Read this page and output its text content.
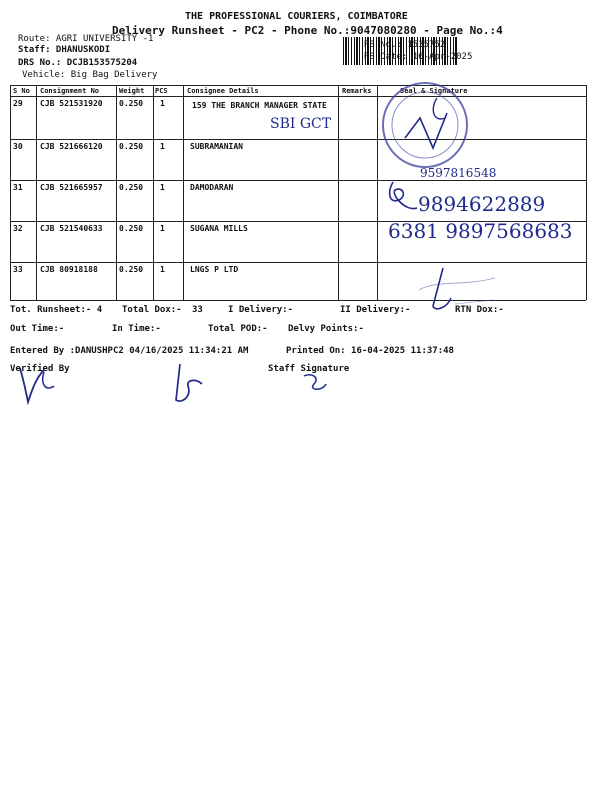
THE PROFESSIONAL COURIERS, COIMBATORE
Delivery Runsheet - PC2 - Phone No.:9047080280 - Page No.:4
Route: AGRI UNIVERSITY -1
Staff: DHANUSKODI
DRS No.: DCJB153575204
Vehicle: Big Bag Delivery
RS No.: 1535752
RS Date: 16-Apr-2025
S No Consignment No	Weight PCS	Consignee Details	Remarks	Seal & Signature
29 CJB 521531920 0.250 1	159 THE BRANCH MANAGER STATE
30 CJB 521666120 0.250 1	SUBRAMANIAN
31 CJB 521665957 0.250 1	DAMODARAN
32 CJB 521540633 0.250 1	SUGANA MILLS
33 CJB 80918188	0.250 1	LNGS P LTD
SBI GCT
9597816548
9894622889
6381 9897568683
Tot. Runsheet:- 4 Total Dox:- 33	I Delivery:-	II Delivery:-	RTN Dox:-
Out Time:-	In Time:-	Total POD:- Delvy Points:-
Entered By :DANUSHPC2 04/16/2025 11:34:21 AM	Printed On: 16-04-2025 11:37:48
Verified By	Staff Signature
